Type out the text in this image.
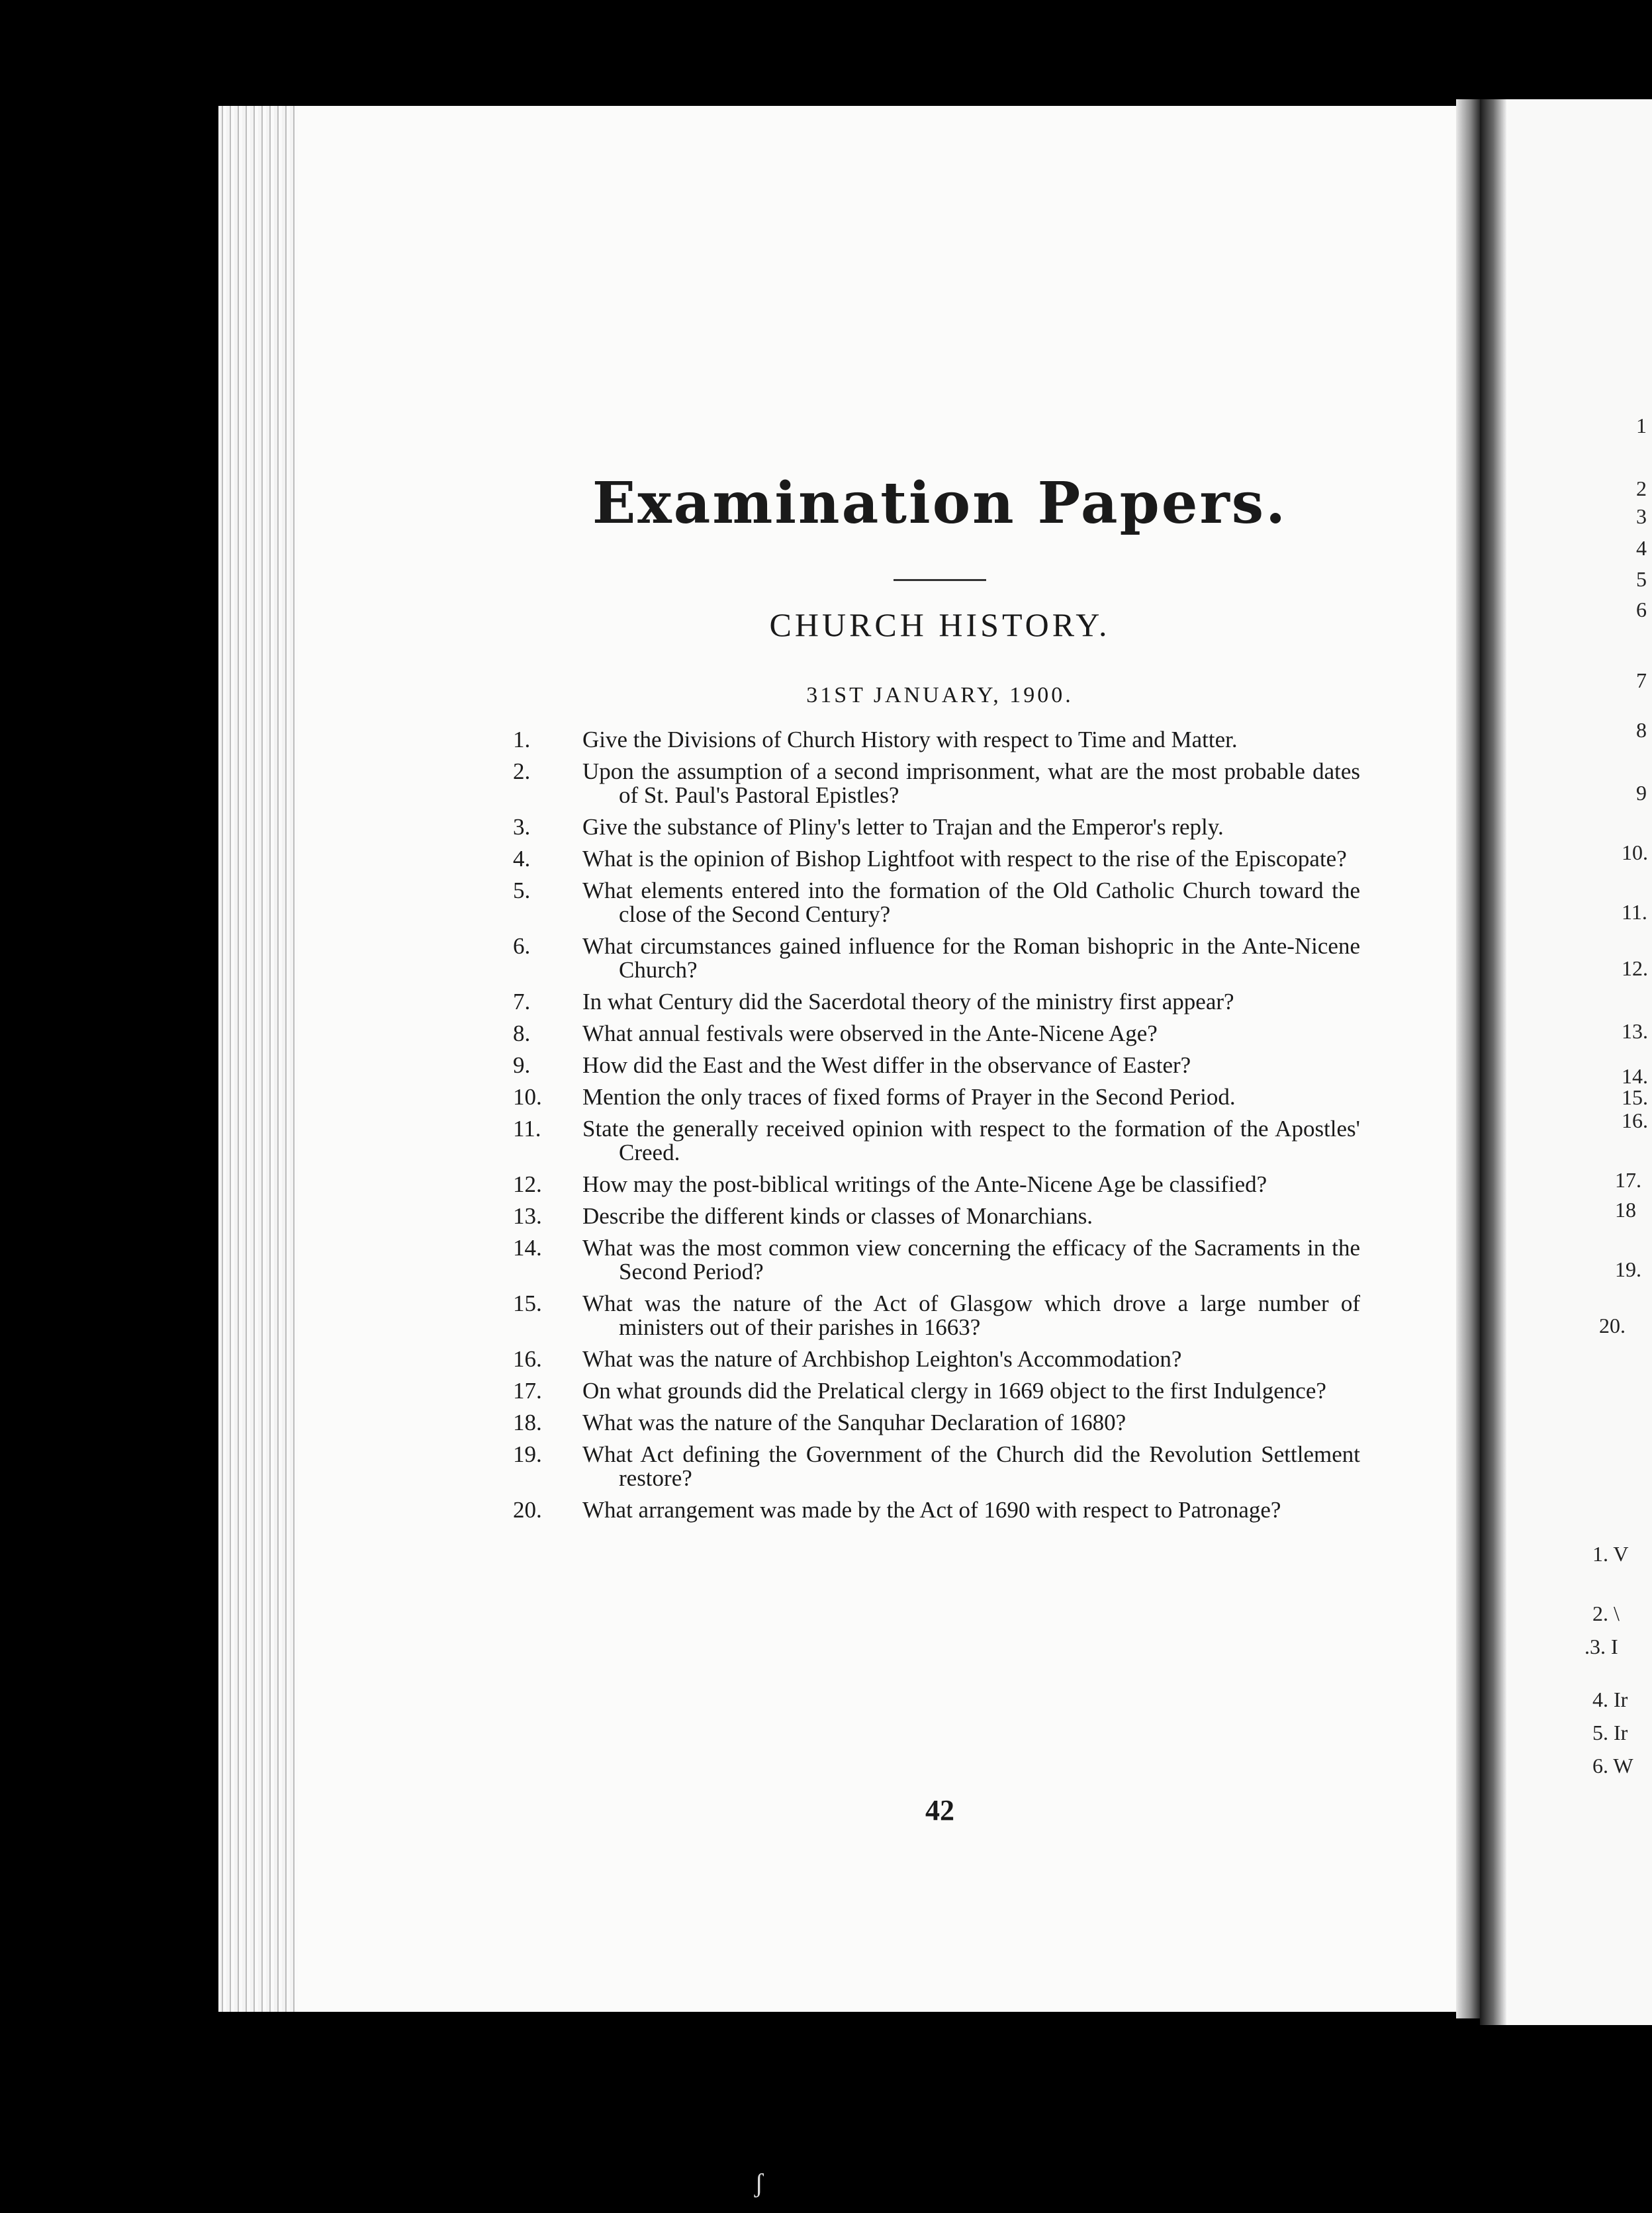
Examination Papers.
CHURCH HISTORY.
31ST JANUARY, 1900.
1.	Give the Divisions of Church History with respect to Time and Matter.
2.	Upon the assumption of a second imprisonment, what are the most probable dates of St. Paul's Pastoral Epistles?
3.	Give the substance of Pliny's letter to Trajan and the Emperor's reply.
4.	What is the opinion of Bishop Lightfoot with respect to the rise of the Episcopate?
5.	What elements entered into the formation of the Old Catholic Church toward the close of the Second Century?
6.	What circumstances gained influence for the Roman bishopric in the Ante-Nicene Church?
7.	In what Century did the Sacerdotal theory of the ministry first appear?
8.	What annual festivals were observed in the Ante-Nicene Age?
9.	How did the East and the West differ in the observance of Easter?
10.	Mention the only traces of fixed forms of Prayer in the Second Period.
11.	State the generally received opinion with respect to the formation of the Apostles' Creed.
12.	How may the post-biblical writings of the Ante-Nicene Age be classified?
13.	Describe the different kinds or classes of Monarchians.
14.	What was the most common view concerning the efficacy of the Sacraments in the Second Period?
15.	What was the nature of the Act of Glasgow which drove a large number of ministers out of their parishes in 1663?
16.	What was the nature of Archbishop Leighton's Accommodation?
17.	On what grounds did the Prelatical clergy in 1669 object to the first Indulgence?
18.	What was the nature of the Sanquhar Declaration of 1680?
19.	What Act defining the Government of the Church did the Revolution Settlement restore?
20.	What arrangement was made by the Act of 1690 with respect to Patronage?
42
1
2
3
4
5
6
7
8
9
10.
11.
12.
13.
14.
15.
16.
17.
18
19.
20.
1. V
2. \
.3. I
4. Ir
5. Ir
6. W
ʃ
